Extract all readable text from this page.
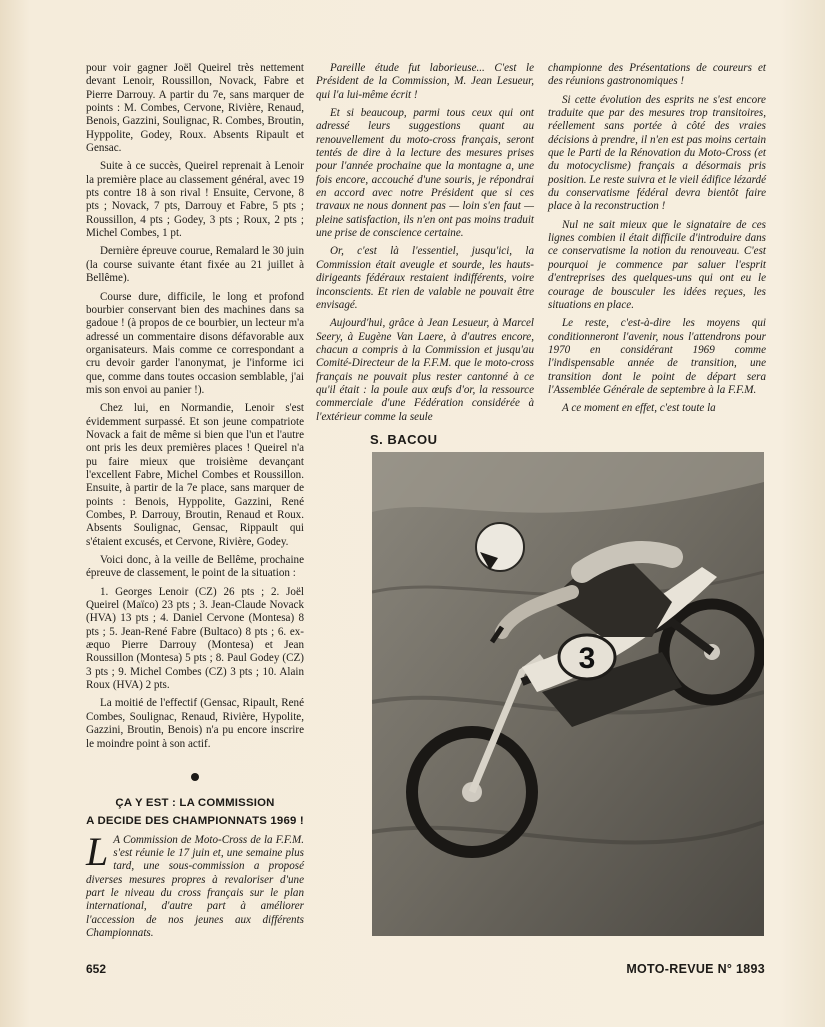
pour voir gagner Joël Queirel très nettement devant Lenoir, Roussillon, Novack, Fabre et Pierre Darrouy. A partir du 7e, sans marquer de points : M. Combes, Cervone, Rivière, Renaud, Benois, Gazzini, Soulignac, R. Combes, Broutin, Hyppolite, Godey, Roux. Absents Ripault et Gensac.

Suite à ce succès, Queirel reprenait à Lenoir la première place au classement général, avec 19 pts contre 18 à son rival ! Ensuite, Cervone, 8 pts ; Novack, 7 pts, Darrouy et Fabre, 5 pts ; Roussillon, 4 pts ; Godey, 3 pts ; Roux, 2 pts ; Michel Combes, 1 pt.

Dernière épreuve courue, Remalard le 30 juin (la course suivante étant fixée au 21 juillet à Bellême).

Course dure, difficile, le long et profond bourbier conservant bien des machines dans sa gadoue ! (à propos de ce bourbier, un lecteur m'a adressé un commentaire disons défavorable aux organisateurs. Mais comme ce correspondant a cru devoir garder l'anonymat, je l'informe ici que, comme dans toutes occasion semblable, j'ai mis son envoi au panier !).

Chez lui, en Normandie, Lenoir s'est évidemment surpassé. Et son jeune compatriote Novack a fait de même si bien que l'un et l'autre ont pris les deux premières places ! Queirel n'a pu faire mieux que troisième devançant l'excellent Fabre, Michel Combes et Roussillon. Ensuite, à partir de la 7e place, sans marquer de points : Benois, Hyppolite, Gazzini, René Combes, P. Darrouy, Broutin, Renaud et Roux. Absents Soulignac, Gensac, Rippault qui s'étaient excusés, et Cervone, Rivière, Godey.

Voici donc, à la veille de Bellême, prochaine épreuve de classement, le point de la situation :

1. Georges Lenoir (CZ) 26 pts ; 2. Joël Queirel (Maïco) 23 pts ; 3. Jean-Claude Novack (HVA) 13 pts ; 4. Daniel Cervone (Montesa) 8 pts ; 5. Jean-René Fabre (Bultaco) 8 pts ; 6. ex-æquo Pierre Darrouy (Montesa) et Jean Roussillon (Montesa) 5 pts ; 8. Paul Godey (CZ) 3 pts ; 9. Michel Combes (CZ) 3 pts ; 10. Alain Roux (HVA) 2 pts.

La moitié de l'effectif (Gensac, Ripault, René Combes, Soulignac, Renaud, Rivière, Hypolite, Gazzini, Broutin, Benois) n'a pu encore inscrire le moindre point à son actif.

ÇA Y EST : LA COMMISSION

A DECIDE DES CHAMPIONNATS 1969 !

L A Commission de Moto-Cross de la F.F.M. s'est réunie le 17 juin et, une semaine plus tard, une sous-commission a proposé diverses mesures propres à revaloriser d'une part le niveau du cross français sur le plan international, d'autre part à améliorer l'accession de nos jeunes aux différents Championnats.

Pareille étude fut laborieuse... C'est le Président de la Commission, M. Jean Lesueur, qui l'a lui-même écrit !

Et si beaucoup, parmi tous ceux qui ont adressé leurs suggestions quant au renouvellement du moto-cross français, seront tentés de dire à la lecture des mesures prises pour l'année prochaine que la montagne a, une fois encore, accouché d'une souris, je répondrai en accord avec notre Président que si ces travaux ne nous donnent pas — loin s'en faut — pleine satisfaction, ils n'en ont pas moins traduit une prise de conscience certaine.

Or, c'est là l'essentiel, jusqu'ici, la Commission était aveugle et sourde, les hauts-dirigeants fédéraux restaient indifférents, voire inconscients. Et rien de valable ne pouvait être envisagé.

Aujourd'hui, grâce à Jean Lesueur, à Marcel Seery, à Eugène Van Laere, à d'autres encore, chacun a compris à la Commission et jusqu'au Comité-Directeur de la F.F.M. que le moto-cross français ne pouvait plus rester cantonné à ce qu'il était : la poule aux œufs d'or, la ressource commerciale d'une Fédération considérée à l'extérieur comme la seule

championne des Présentations de coureurs et des réunions gastronomiques !

Si cette évolution des esprits ne s'est encore traduite que par des mesures trop transitoires, réellement sans portée à côté des vraies décisions à prendre, il n'en est pas moins certain que le Parti de la Rénovation du Moto-Cross (et du motocyclisme) français a désormais pris position. Le reste suivra et le vieil édifice lézardé du conservatisme fédéral devra bientôt faire place à la reconstruction !

Nul ne sait mieux que le signataire de ces lignes combien il était difficile d'introduire dans ce conservatisme la notion du renouveau. C'est pourquoi je commence par saluer l'esprit d'entreprises des quelques-uns qui ont eu le courage de bousculer les idées reçues, les situations en place.

Le reste, c'est-à-dire les moyens qui conditionneront l'avenir, nous l'attendrons pour 1970 en considérant 1969 comme l'indispensable année de transition, une transition dont le point de départ sera l'Assemblée Générale de septembre à la F.F.M.

A ce moment en effet, c'est toute la

S. BACOU
3
652	MOTO-REVUE N° 1893
